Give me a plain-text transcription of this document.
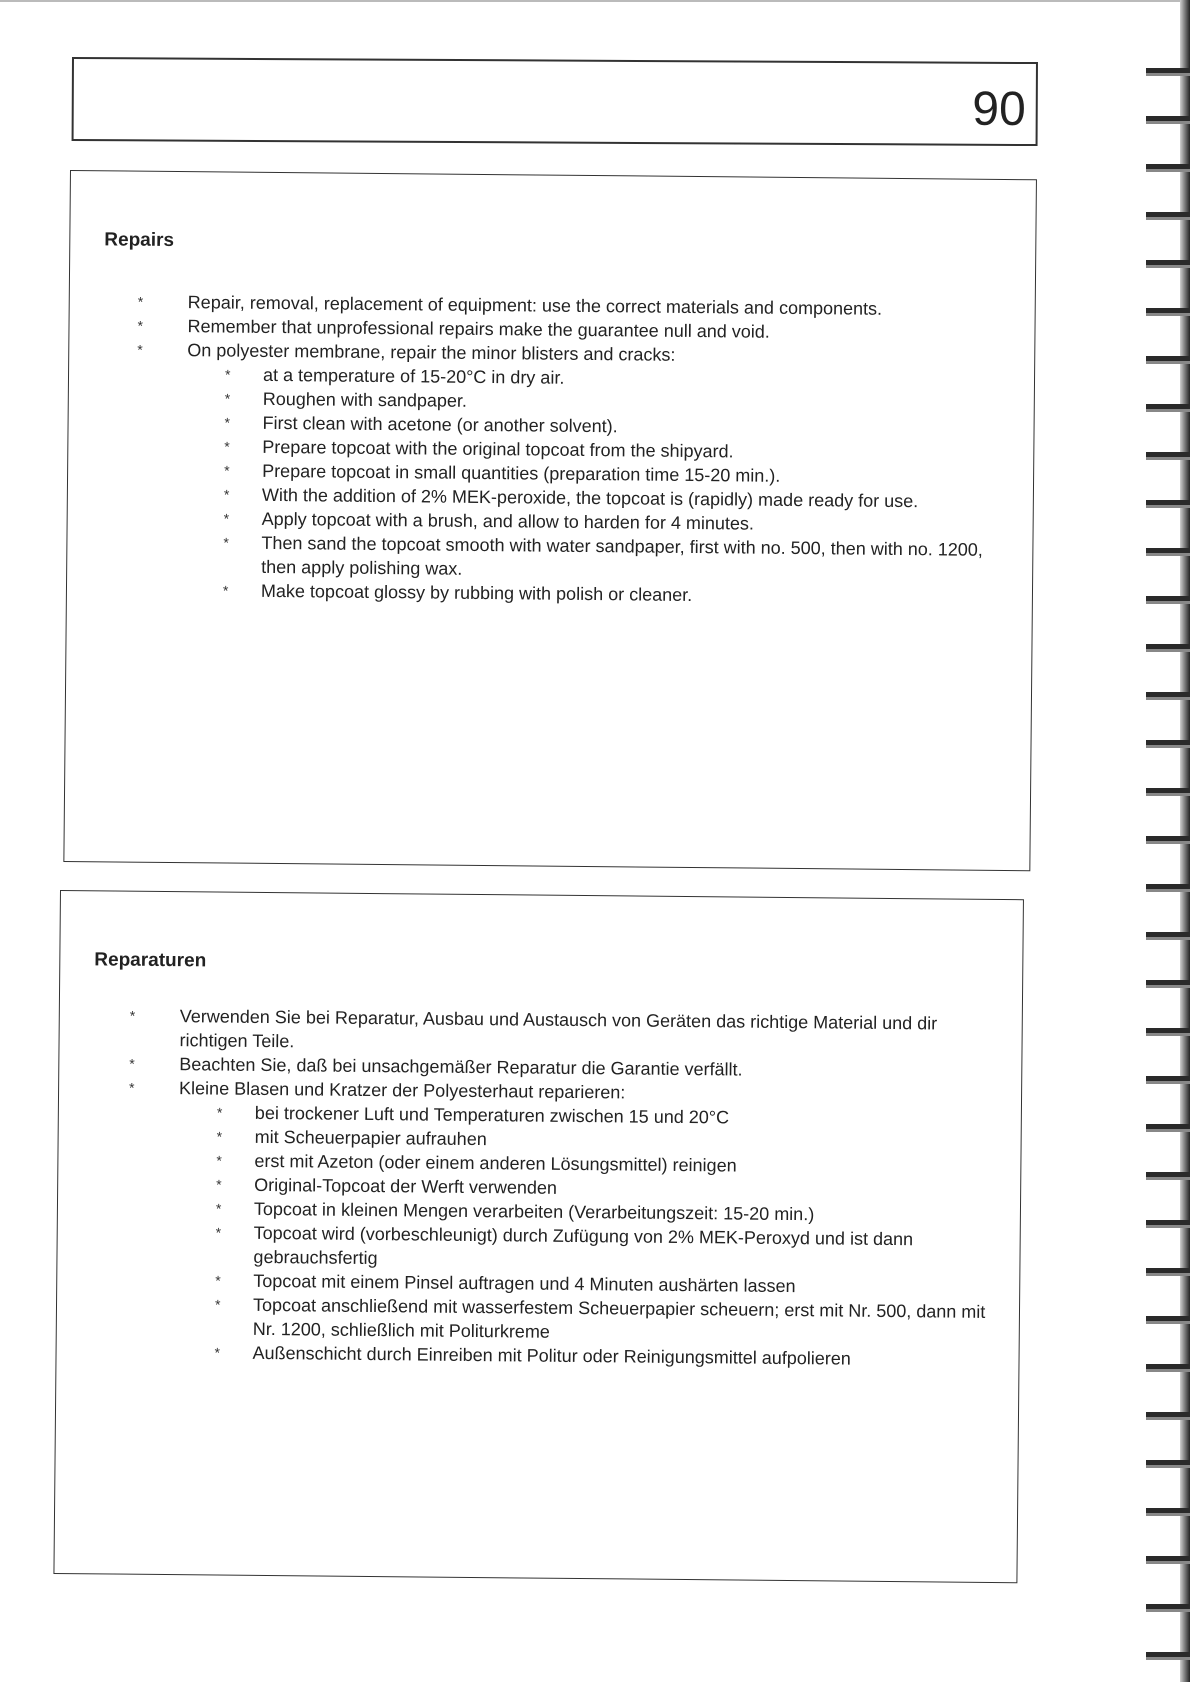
90
Repairs
* Repair, removal, replacement of equipment: use the correct materials and components.
* Remember that unprofessional repairs make the guarantee null and void.
* On polyester membrane, repair the minor blisters and cracks:
* at a temperature of 15-20°C in dry air.
* Roughen with sandpaper.
* First clean with acetone (or another solvent).
* Prepare topcoat with the original topcoat from the shipyard.
* Prepare topcoat in small quantities (preparation time 15-20 min.).
* With the addition of 2% MEK-peroxide, the topcoat is (rapidly) made ready for use.
* Apply topcoat with a brush, and allow to harden for 4 minutes.
* Then sand the topcoat smooth with water sandpaper, first with no. 500, then with no. 1200, then apply polishing wax.
* Make topcoat glossy by rubbing with polish or cleaner.
Reparaturen
* Verwenden Sie bei Reparatur, Ausbau und Austausch von Geräten das richtige Material und dir richtigen Teile.
* Beachten Sie, daß bei unsachgemäßer Reparatur die Garantie verfällt.
* Kleine Blasen und Kratzer der Polyesterhaut reparieren:
* bei trockener Luft und Temperaturen zwischen 15 und 20°C
* mit Scheuerpapier aufrauhen
* erst mit Azeton (oder einem anderen Lösungsmittel) reinigen
* Original-Topcoat der Werft verwenden
* Topcoat in kleinen Mengen verarbeiten (Verarbeitungszeit: 15-20 min.)
* Topcoat wird (vorbeschleunigt) durch Zufügung von 2% MEK-Peroxyd und ist dann gebrauchsfertig
* Topcoat mit einem Pinsel auftragen und 4 Minuten aushärten lassen
* Topcoat anschließend mit wasserfestem Scheuerpapier scheuern; erst mit Nr. 500, dann mit Nr. 1200, schließlich mit Politurkreme
* Außenschicht durch Einreiben mit Politur oder Reinigungsmittel aufpolieren
